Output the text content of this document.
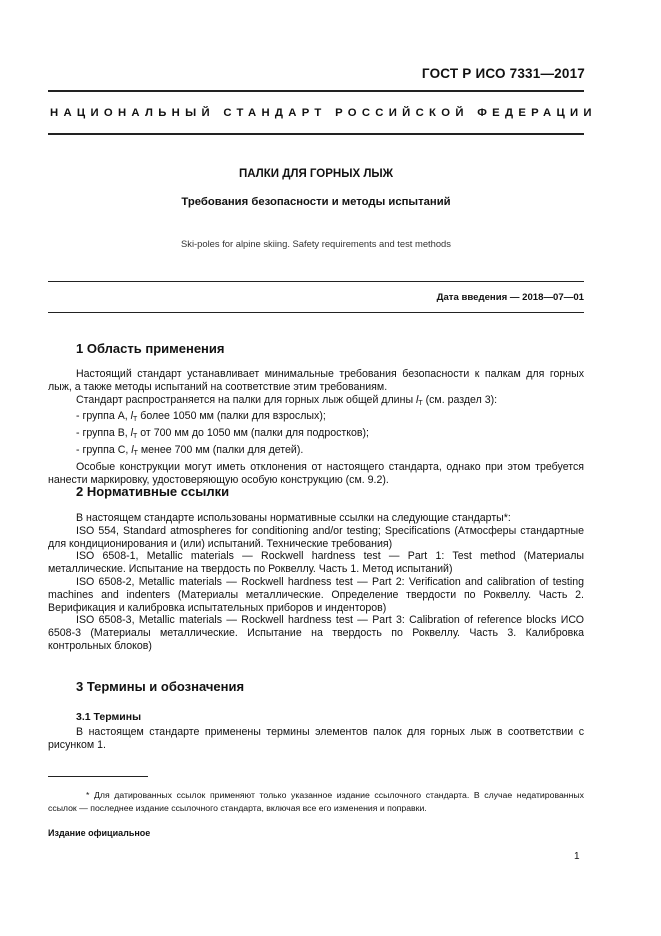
ГОСТ Р ИСО 7331—2017
НАЦИОНАЛЬНЫЙ СТАНДАРТ РОССИЙСКОЙ ФЕДЕРАЦИИ
ПАЛКИ ДЛЯ ГОРНЫХ ЛЫЖ
Требования безопасности и методы испытаний
Ski-poles for alpine skiing. Safety requirements and test methods
Дата введения — 2018—07—01
1 Область применения

Настоящий стандарт устанавливает минимальные требования безопасности к палкам для горных лыж, а также методы испытаний на соответствие этим требованиям.

Стандарт распространяется на палки для горных лыж общей длины $l_T$ (см. раздел 3):

- группа А, $l_T$ более 1050 мм (палки для взрослых);

- группа В, $l_T$ от 700 мм до 1050 мм (палки для подростков);

- группа С, $l_T$ менее 700 мм (палки для детей).

Особые конструкции могут иметь отклонения от настоящего стандарта, однако при этом требуется нанести маркировку, удостоверяющую особую конструкцию (см. 9.2).

2 Нормативные ссылки

В настоящем стандарте использованы нормативные ссылки на следующие стандарты*:

ISO 554, Standard atmospheres for conditioning and/or testing; Specifications (Атмосферы стандартные для кондиционирования и (или) испытаний. Технические требования)

ISO 6508-1, Metallic materials — Rockwell hardness test — Part 1: Test method (Материалы металлические. Испытание на твердость по Роквеллу. Часть 1. Метод испытаний)

ISO 6508-2, Metallic materials — Rockwell hardness test — Part 2: Verification and calibration of testing machines and indenters (Материалы металлические. Определение твердости по Роквеллу. Часть 2. Верификация и калибровка испытательных приборов и инденторов)

ISO 6508-3, Metallic materials — Rockwell hardness test — Part 3: Calibration of reference blocks ИСО 6508-3 (Материалы металлические. Испытание на твердость по Роквеллу. Часть 3. Калибровка контрольных блоков)

3 Термины и обозначения
3.1 Термины

В настоящем стандарте применены термины элементов палок для горных лыж в соответствии с рисунком 1.

* Для датированных ссылок применяют только указанное издание ссылочного стандарта. В случае недатированных ссылок — последнее издание ссылочного стандарта, включая все его изменения и поправки.

Издание официальное
1
